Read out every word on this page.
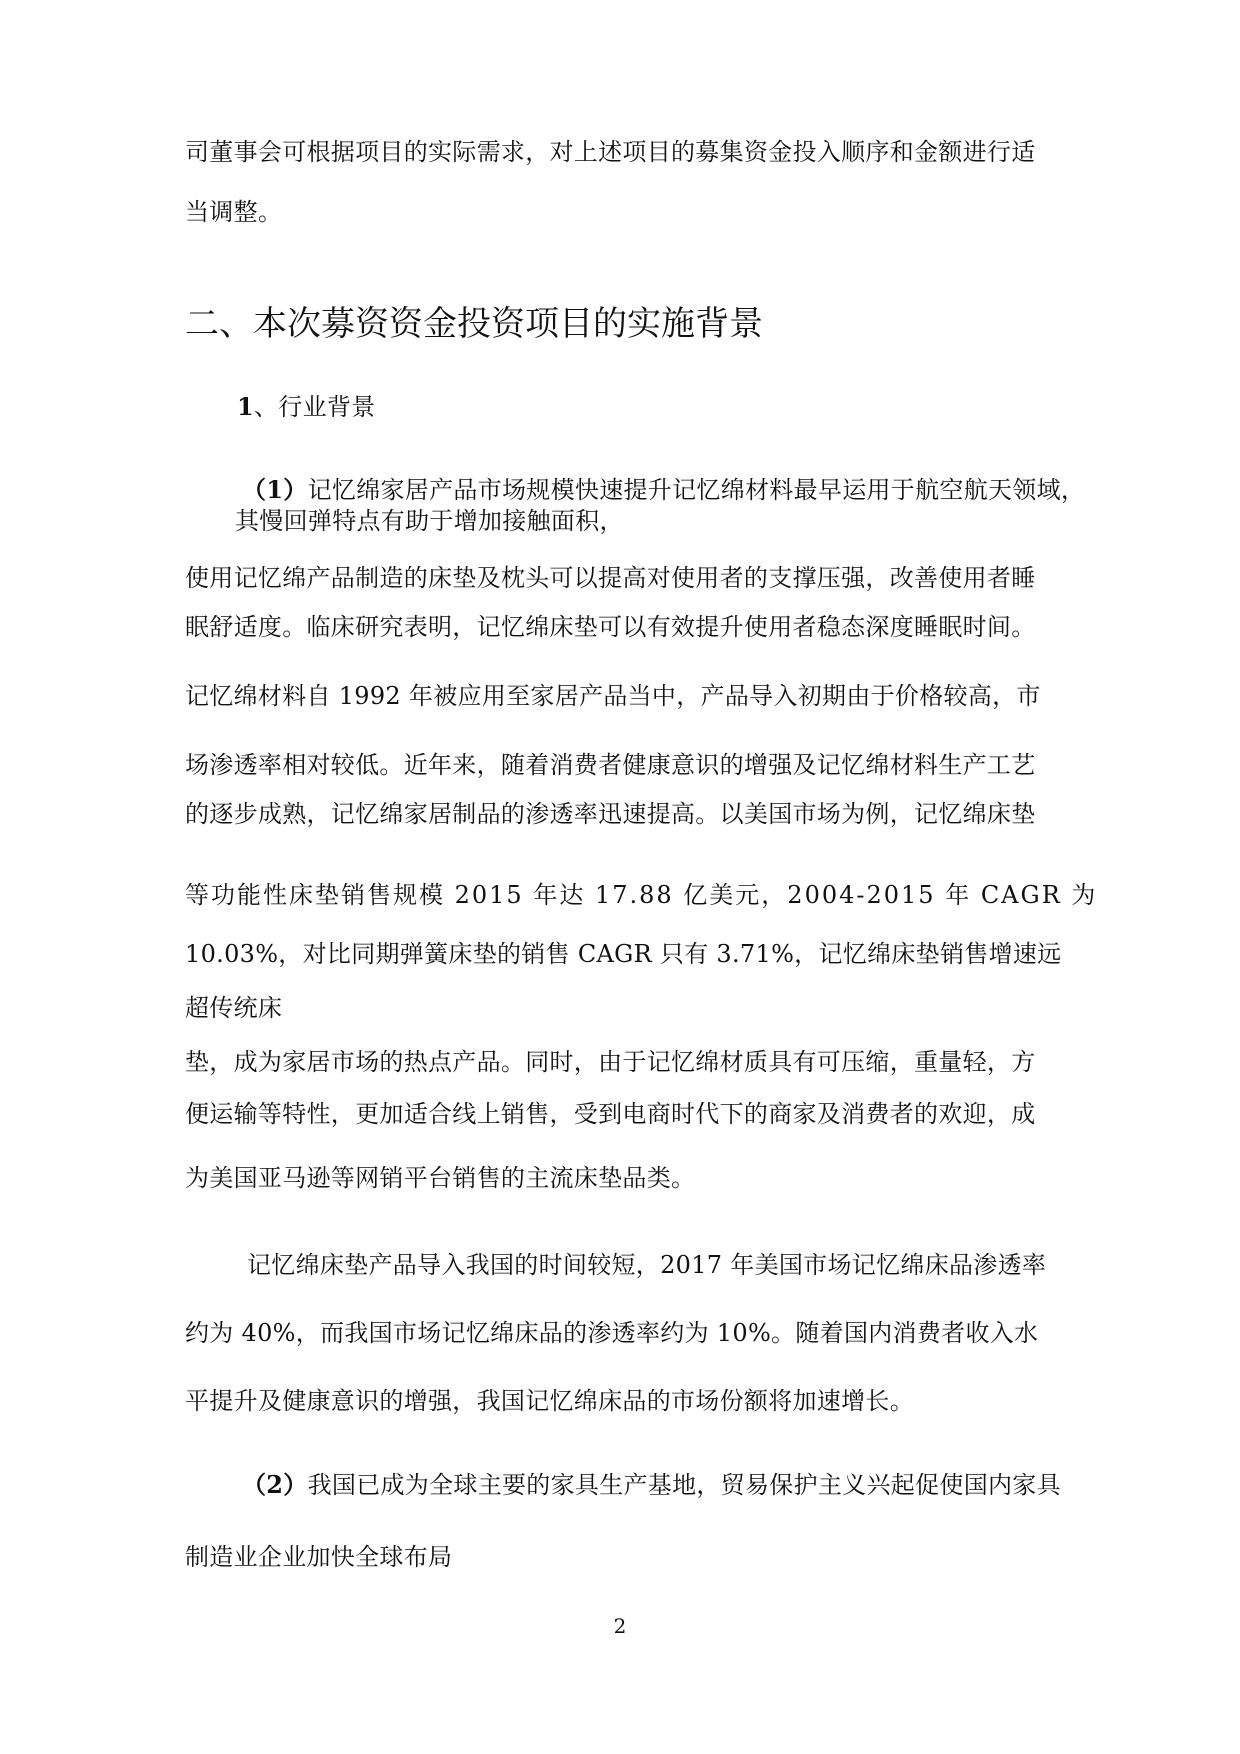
司董事会可根据项目的实际需求，对上述项目的募集资金投入顺序和金额进行适
当调整。
二、本次募资资金投资项目的实施背景
1、行业背景
（1）记忆绵家居产品市场规模快速提升记忆绵材料最早运用于航空航天领域，
其慢回弹特点有助于增加接触面积，
使用记忆绵产品制造的床垫及枕头可以提高对使用者的支撑压强，改善使用者睡
眠舒适度。临床研究表明，记忆绵床垫可以有效提升使用者稳态深度睡眠时间。
记忆绵材料自 1992 年被应用至家居产品当中，产品导入初期由于价格较高，市
场渗透率相对较低。近年来，随着消费者健康意识的增强及记忆绵材料生产工艺
的逐步成熟，记忆绵家居制品的渗透率迅速提高。以美国市场为例，记忆绵床垫
等功能性床垫销售规模 2015 年达 17.88 亿美元，2004-2015 年 CAGR 为
10.03%，对比同期弹簧床垫的销售 CAGR 只有 3.71%，记忆绵床垫销售增速远
超传统床
垫，成为家居市场的热点产品。同时，由于记忆绵材质具有可压缩，重量轻，方
便运输等特性，更加适合线上销售，受到电商时代下的商家及消费者的欢迎，成
为美国亚马逊等网销平台销售的主流床垫品类。
记忆绵床垫产品导入我国的时间较短，2017 年美国市场记忆绵床品渗透率
约为 40%，而我国市场记忆绵床品的渗透率约为 10%。随着国内消费者收入水
平提升及健康意识的增强，我国记忆绵床品的市场份额将加速增长。
（2）我国已成为全球主要的家具生产基地，贸易保护主义兴起促使国内家具
制造业企业加快全球布局
2
